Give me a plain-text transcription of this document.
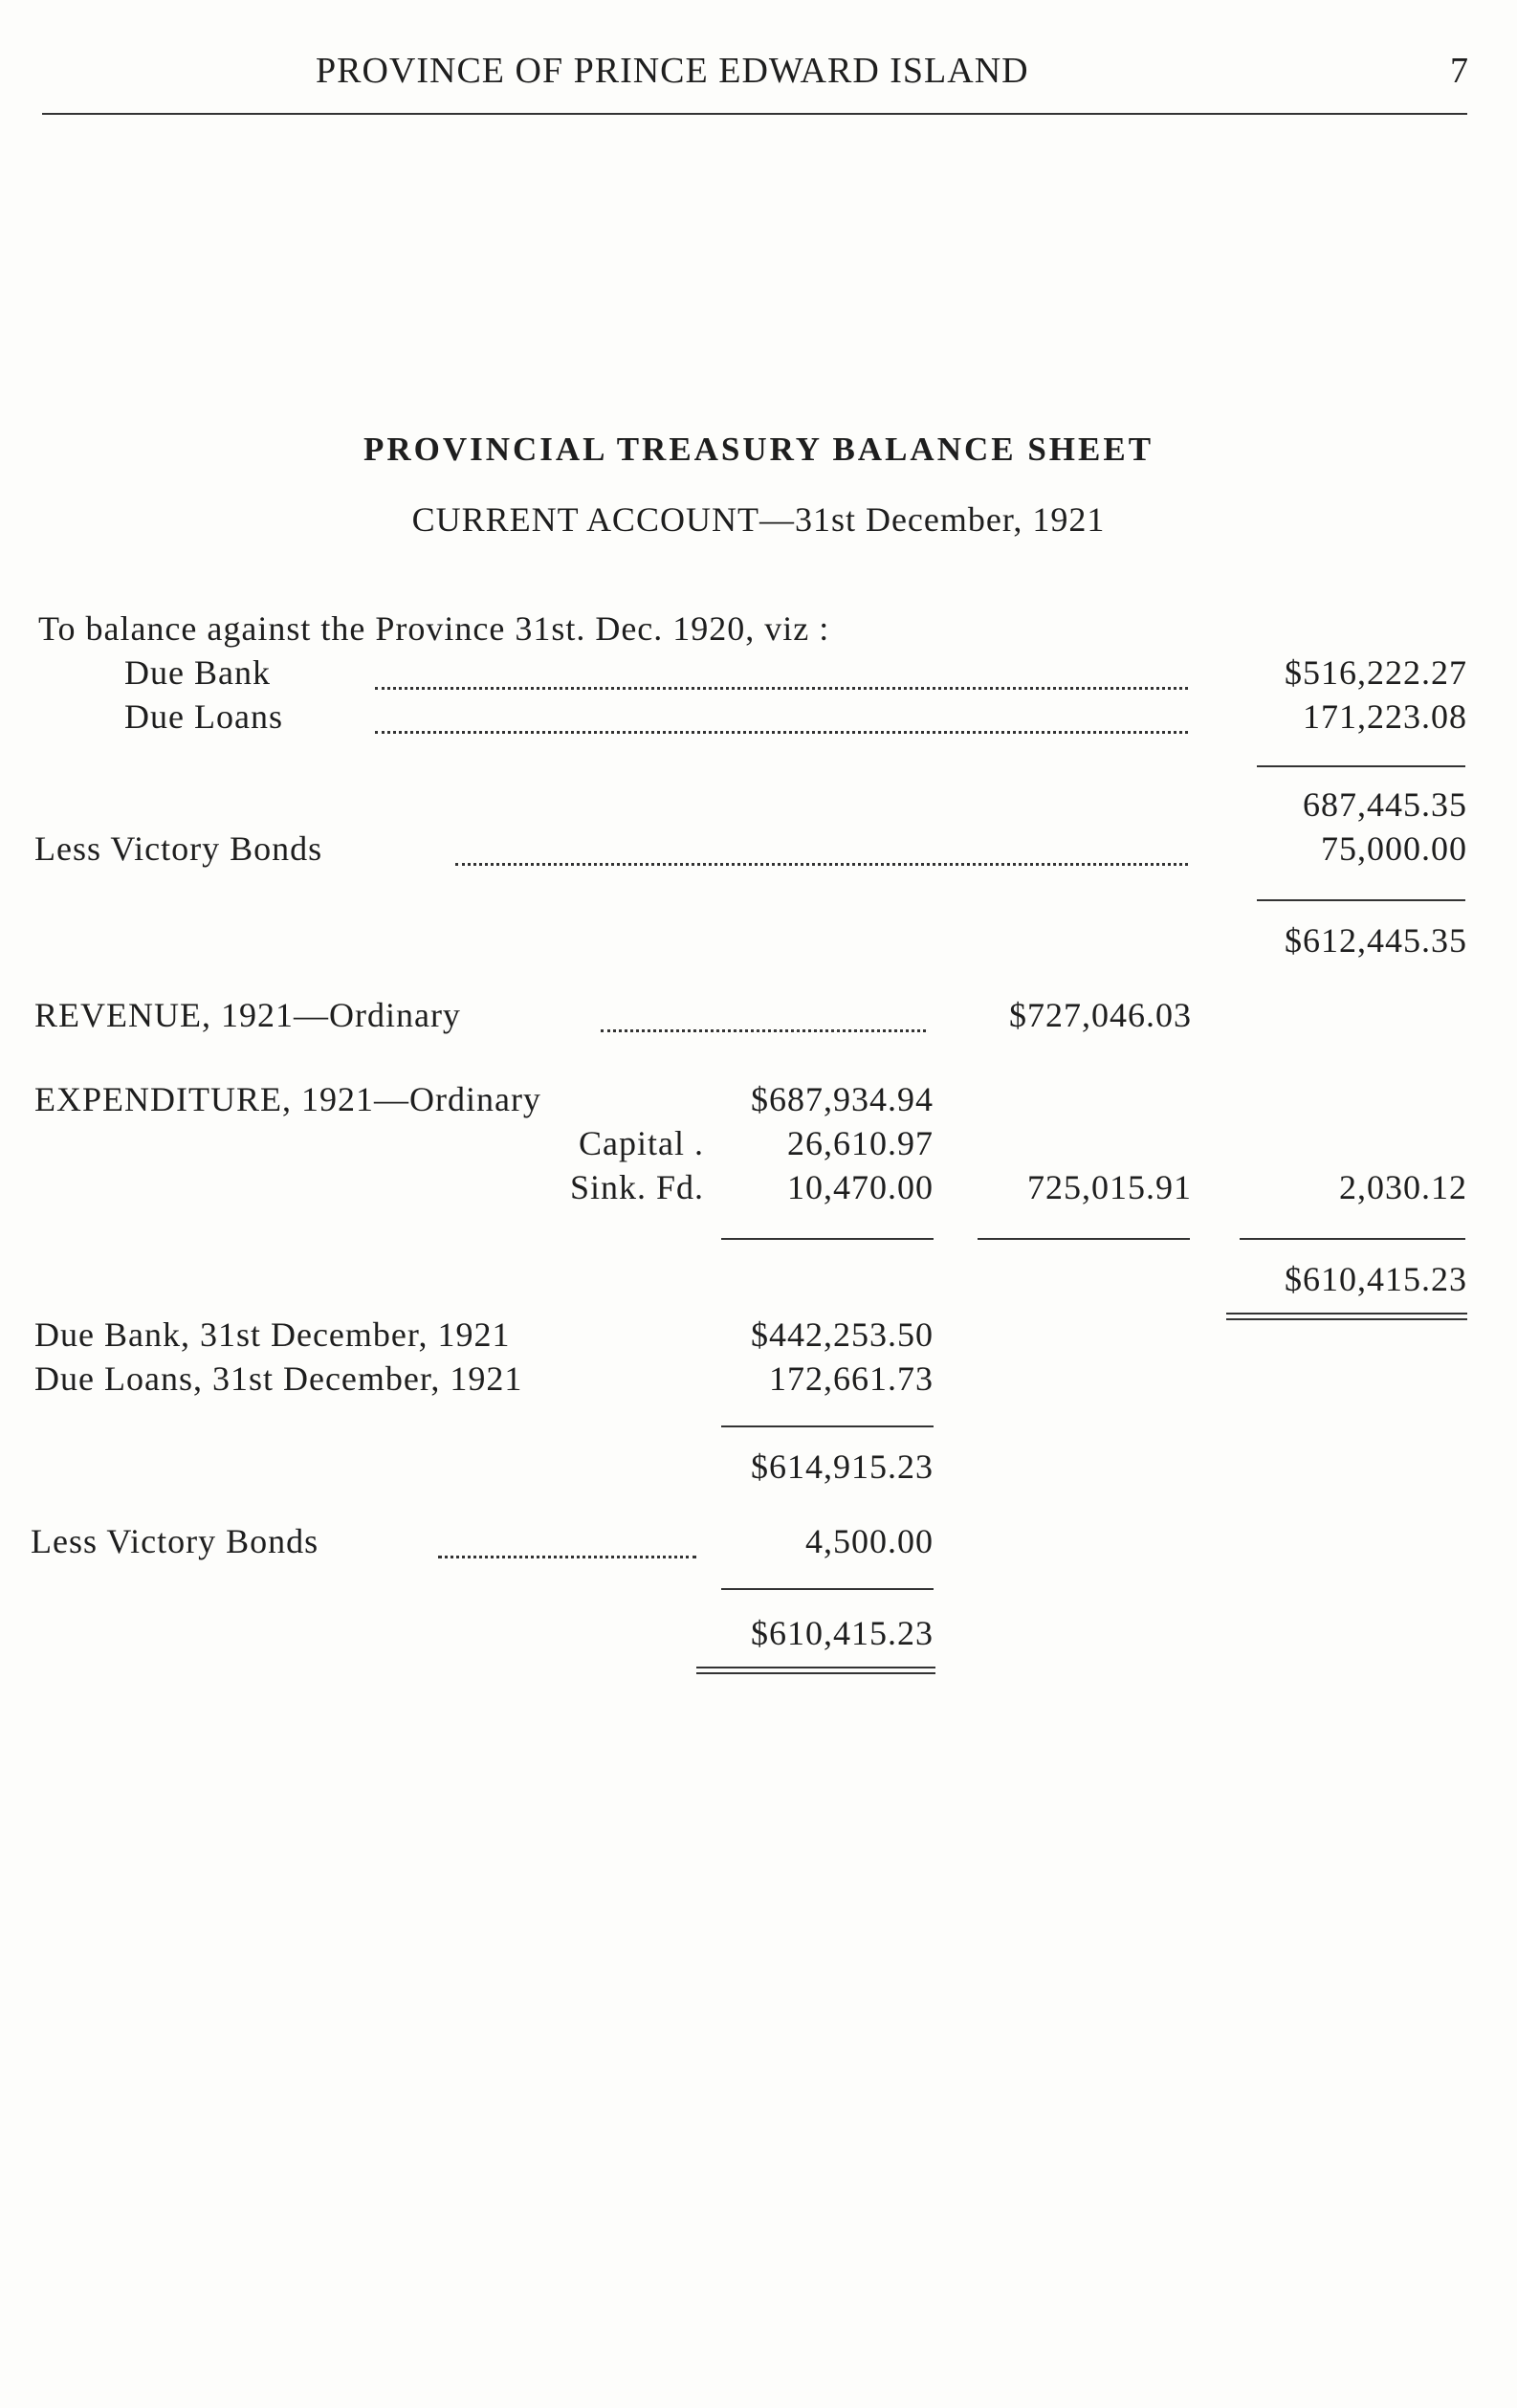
PROVINCE OF PRINCE EDWARD ISLAND	7
PROVINCIAL TREASURY BALANCE SHEET
CURRENT ACCOUNT—31st December, 1921
To balance against the Province 31st. Dec. 1920, viz :
Due Bank	$516,222.27
Due Loans	171,223.08
687,445.35
Less Victory Bonds	75,000.00
$612,445.35
REVENUE, 1921—Ordinary	$727,046.03
EXPENDITURE, 1921—Ordinary	$687,934.94
Capital . 26,610.97
Sink. Fd. 10,470.00	725,015.91	2,030.12
$610,415.23
Due Bank, 31st December, 1921	$442,253.50
Due Loans, 31st December, 1921	172,661.73
$614,915.23
Less Victory Bonds	4,500.00
$610,415.23
